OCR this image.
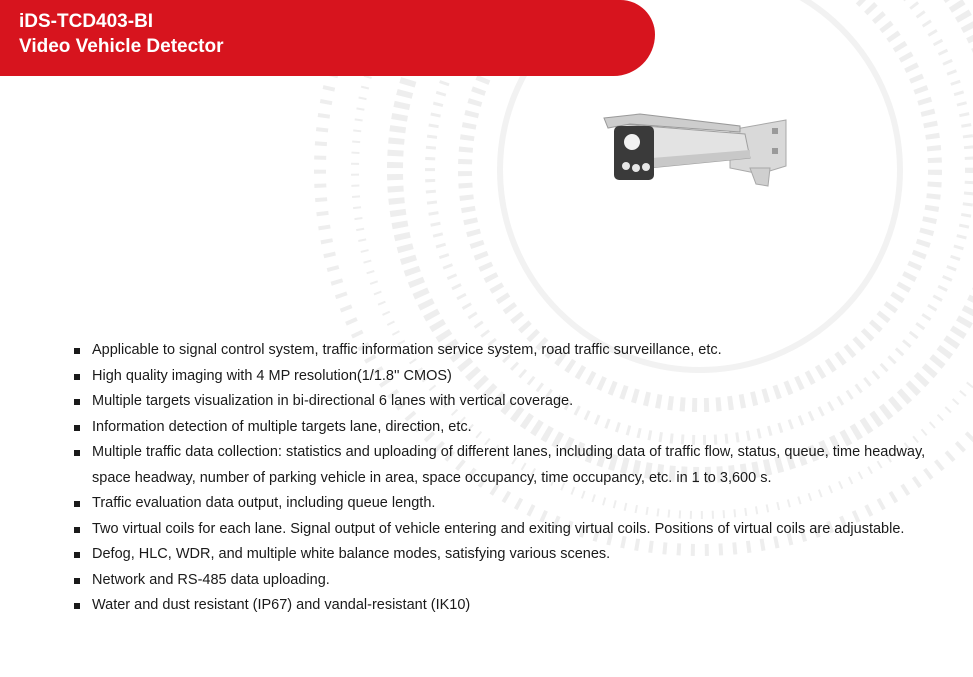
iDS-TCD403-BI

Video Vehicle Detector

Applicable to signal control system, traffic information service system, road traffic surveillance, etc.
High quality imaging with 4 MP resolution(1/1.8'' CMOS)
Multiple targets visualization in bi-directional 6 lanes with vertical coverage.
Information detection of multiple targets lane, direction, etc.
Multiple traffic data collection: statistics and uploading of different lanes, including data of traffic flow, status, queue, time headway, space headway, number of parking vehicle in area, space occupancy, time occupancy, etc. in 1 to 3,600 s.
Traffic evaluation data output, including queue length.
Two virtual coils for each lane. Signal output of vehicle entering and exiting virtual coils. Positions of virtual coils are adjustable.
Defog, HLC, WDR, and multiple white balance modes, satisfying various scenes.
Network and RS-485 data uploading.
Water and dust resistant (IP67) and vandal-resistant (IK10)
